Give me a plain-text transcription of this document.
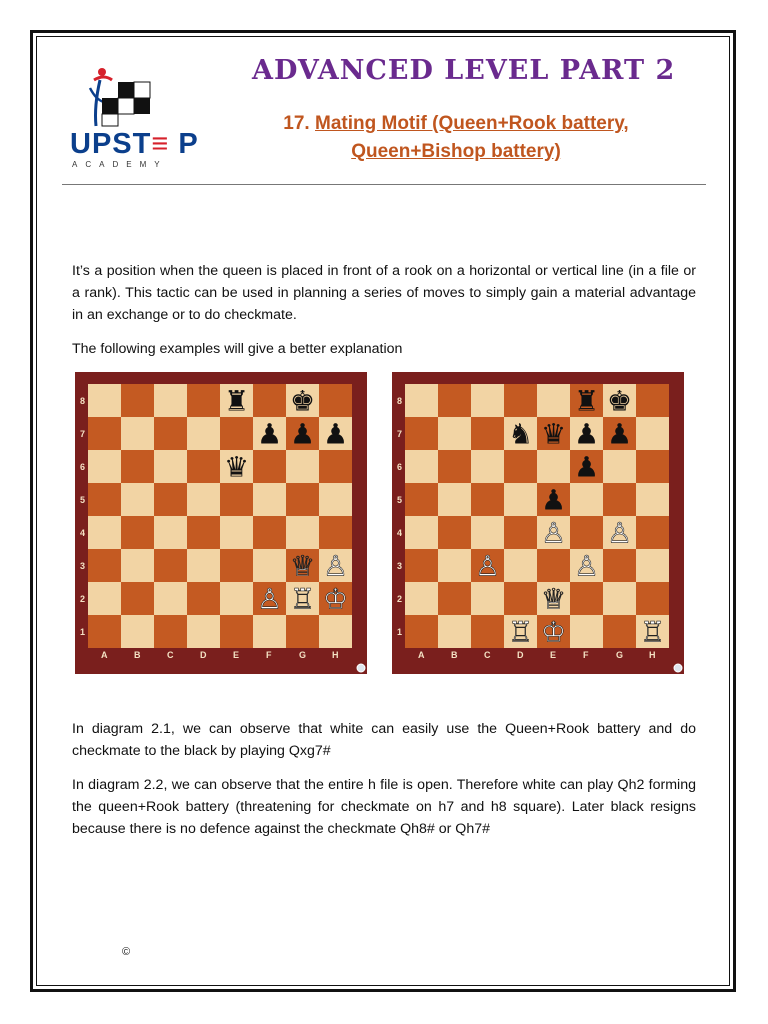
UPST≡ P
ACADEMY
ADVANCED LEVEL PART 2
17. Mating Motif (Queen+Rook battery,
Queen+Bishop battery)

It’s a position when the queen is placed in front of a rook on a horizontal or vertical line (in a file or a rank). This tactic can be used in planning a series of moves to simply gain a material advantage in an exchange or to do checkmate.

The following examples will give a better explanation

8
7
6
5
4
3
2
1
A	B	C	D	E	F	G	H
♜ ♚
♟ ♟ ♟
♛
♕ ♙
♙ ♖ ♔
8
7
6
5
4
3
2
1
A	B	C	D	E	F	G	H
♜ ♚
♞ ♛ ♟ ♟
♟
♟
♙ ♙
♙	♙
♕
♖ ♔	♖

In diagram 2.1, we can observe that white can easily use the Queen+Rook battery and do checkmate to the black by playing Qxg7#

In diagram 2.2, we can observe that the entire h file is open. Therefore white can play Qh2 forming the queen+Rook battery (threatening for checkmate on h7 and h8 square). Later black resigns because there is no defence against the checkmate Qh8# or Qh7#

©
